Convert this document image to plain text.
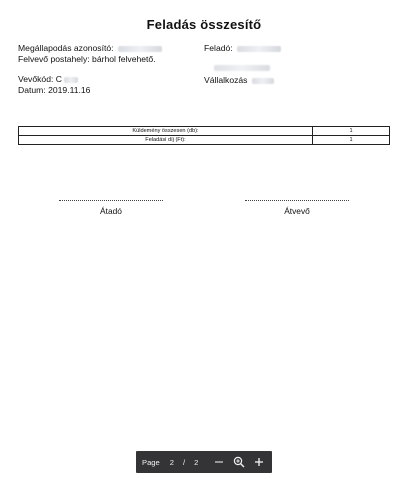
Feladás összesítő
Megállapodás azonosító:
Felvevő postahely: bárhol felvehető.
Vevőkód: C
Datum: 2019.11.16
Feladó:
Vállalkozás
Küldemény összesen (db):	1
Feladási díj (Ft):	1
Átadó	Átvevő
Page 2 / 2
